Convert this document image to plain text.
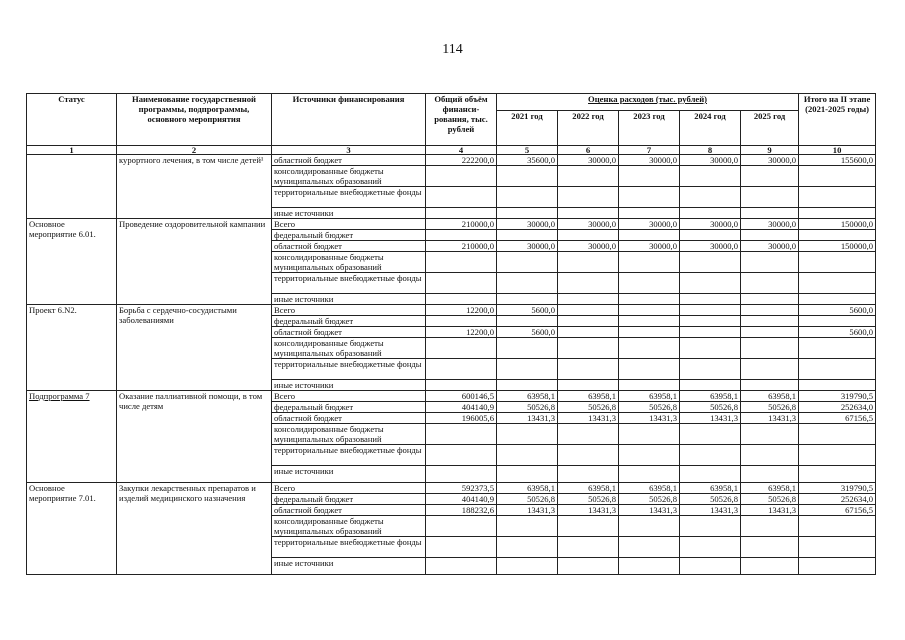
114
Статус	Наименование государственной программы, подпрограммы, основного мероприятия	Источники финансирования	Общий объём финанси-рования, тыс. рублей	Оценка расходов (тыс. рублей)					Итого на II этапе (2021-2025 годы)
				2021 год	2022 год	2023 год	2024 год	2025 год	
1	2	3	4	5	6	7	8	9	10
	курортного лечения, в том числе детей¹	областной бюджет	222200,0	35600,0	30000,0	30000,0	30000,0	30000,0	155600,0
		консолидированные бюджеты муниципальных образований							
		территориальные внебюджетные фонды							
		иные источники							
Основное мероприятие 6.01.	Проведение оздоровительной кампании	Всего	210000,0	30000,0	30000,0	30000,0	30000,0	30000,0	150000,0
		федеральный бюджет							
		областной бюджет	210000,0	30000,0	30000,0	30000,0	30000,0	30000,0	150000,0
		консолидированные бюджеты муниципальных образований							
		территориальные внебюджетные фонды							
		иные источники							
Проект 6.N2.	Борьба с сердечно-сосудистыми заболеваниями	Всего	12200,0	5600,0					5600,0
		федеральный бюджет							
		областной бюджет	12200,0	5600,0					5600,0
		консолидированные бюджеты муниципальных образований							
		территориальные внебюджетные фонды							
		иные источники							
Подпрограмма 7	Оказание паллиативной помощи, в том числе детям	Всего	600146,5	63958,1	63958,1	63958,1	63958,1	63958,1	319790,5
		федеральный бюджет	404140,9	50526,8	50526,8	50526,8	50526,8	50526,8	252634,0
		областной бюджет	196005,6	13431,3	13431,3	13431,3	13431,3	13431,3	67156,5
		консолидированные бюджеты муниципальных образований							
		территориальные внебюджетные фонды							
		иные источники							
Основное мероприятие 7.01.	Закупки лекарственных препаратов и изделий медицинского назначения	Всего	592373,5	63958,1	63958,1	63958,1	63958,1	63958,1	319790,5
		федеральный бюджет	404140,9	50526,8	50526,8	50526,8	50526,8	50526,8	252634,0
		областной бюджет	188232,6	13431,3	13431,3	13431,3	13431,3	13431,3	67156,5
		консолидированные бюджеты муниципальных образований							
		территориальные внебюджетные фонды							
		иные источники							
